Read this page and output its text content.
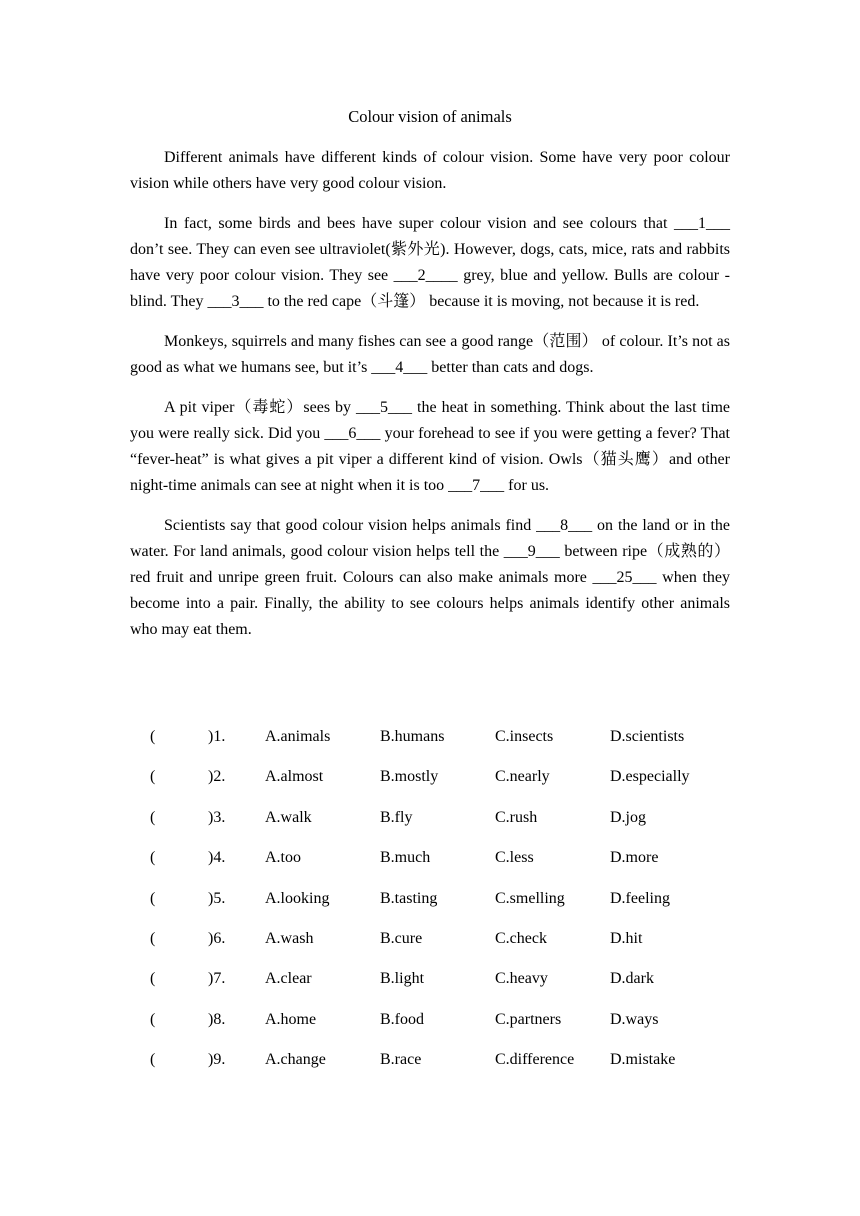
Colour vision of animals

Different animals have different kinds of colour vision. Some have very poor colour vision while others have very good colour vision.

In fact, some birds and bees have super colour vision and see colours that ___1___ don’t see. They can even see ultraviolet(紫外光). However, dogs, cats, mice, rats and rabbits have very poor colour vision. They see ___2____ grey, blue and yellow. Bulls are colour -blind. They ___3___ to the red cape（斗篷） because it is moving, not because it is red.

Monkeys, squirrels and many fishes can see a good range（范围） of colour. It’s not as good as what we humans see, but it’s ___4___ better than cats and dogs.

A pit viper（毒蛇）sees by ___5___ the heat in something. Think about the last time you were really sick. Did you ___6___ your forehead to see if you were getting a fever? That “fever-heat” is what gives a pit viper a different kind of vision. Owls（猫头鹰）and other night-time animals can see at night when it is too ___7___ for us.

Scientists say that good colour vision helps animals find ___8___ on the land or in the water. For land animals, good colour vision helps tell the ___9___ between ripe（成熟的）red fruit and unripe green fruit. Colours can also make animals more ___25___ when they become into a pair. Finally, the ability to see colours helps animals identify other animals who may eat them.

(	)1. A.animals	B.humans	C.insects	D.scientists
(	)2. A.almost	B.mostly	C.nearly	D.especially
(	)3. A.walk	B.fly	C.rush	D.jog
(	)4. A.too	B.much	C.less	D.more
(	)5. A.looking	B.tasting	C.smelling	D.feeling
(	)6. A.wash	B.cure	C.check	D.hit
(	)7. A.clear	B.light	C.heavy	D.dark
(	)8. A.home	B.food	C.partners	D.ways
(	)9. A.change	B.race	C.difference D.mistake
